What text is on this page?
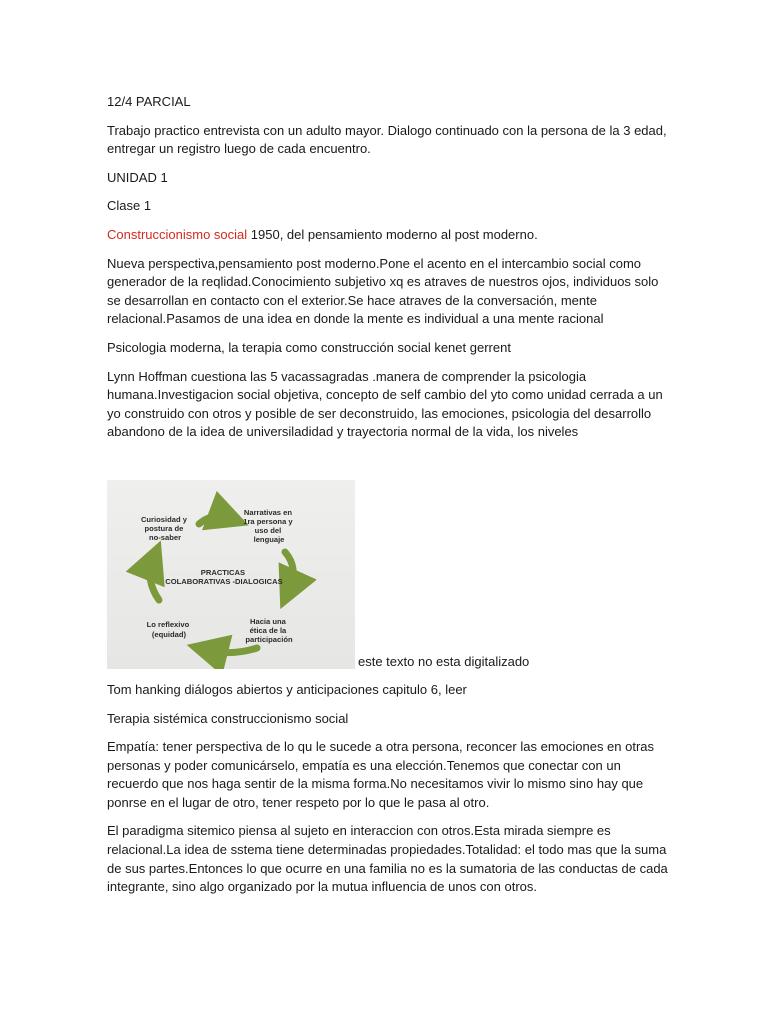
12/4 PARCIAL

Trabajo practico entrevista con un adulto mayor. Dialogo continuado con la persona de la 3 edad, entregar un registro luego de cada encuentro.

UNIDAD 1

Clase 1

Construccionismo social 1950, del pensamiento moderno al post moderno.

Nueva perspectiva,pensamiento post moderno.Pone el acento en el intercambio social como generador de la reqlidad.Conocimiento subjetivo xq es atraves de nuestros ojos, individuos solo se desarrollan en contacto con el exterior.Se hace atraves de la conversación, mente relacional.Pasamos de una idea en donde la mente es individual a una mente racional

Psicologia moderna, la terapia como construcción social kenet gerrent

Lynn Hoffman cuestiona las 5 vacassagradas .manera de comprender la psicologia humana.Investigacion social objetiva, concepto de self cambio del yto como unidad cerrada a un yo construido con otros y posible de ser deconstruido, las emociones, psicologia del desarrollo abandono de la idea de universiladidad y trayectoria normal de la vida, los niveles

Curiosidad y postura de no-saber
Narrativas en 1ra persona y uso del lenguaje
PRACTICAS COLABORATIVAS -DIALOGICAS
Hacia una ética de la participación
Lo reflexivo (equidad)
este texto no esta digitalizado

Tom hanking diálogos abiertos y anticipaciones capitulo 6, leer

Terapia sistémica construccionismo social

Empatía: tener perspectiva de lo qu le sucede a otra persona, reconcer las emociones en otras personas y poder comunicárselo, empatía es una elección.Tenemos que conectar con un recuerdo que nos haga sentir de la misma forma.No necesitamos vivir lo mismo sino hay que ponrse en el lugar de otro, tener respeto por lo que le pasa al otro.

El paradigma sitemico piensa al sujeto en interaccion con otros.Esta mirada siempre es relacional.La idea de sstema tiene determinadas propiedades.Totalidad: el todo mas que la suma de sus partes.Entonces lo que ocurre en una familia no es la sumatoria de las conductas de cada integrante, sino algo organizado por la mutua influencia de unos con otros.
